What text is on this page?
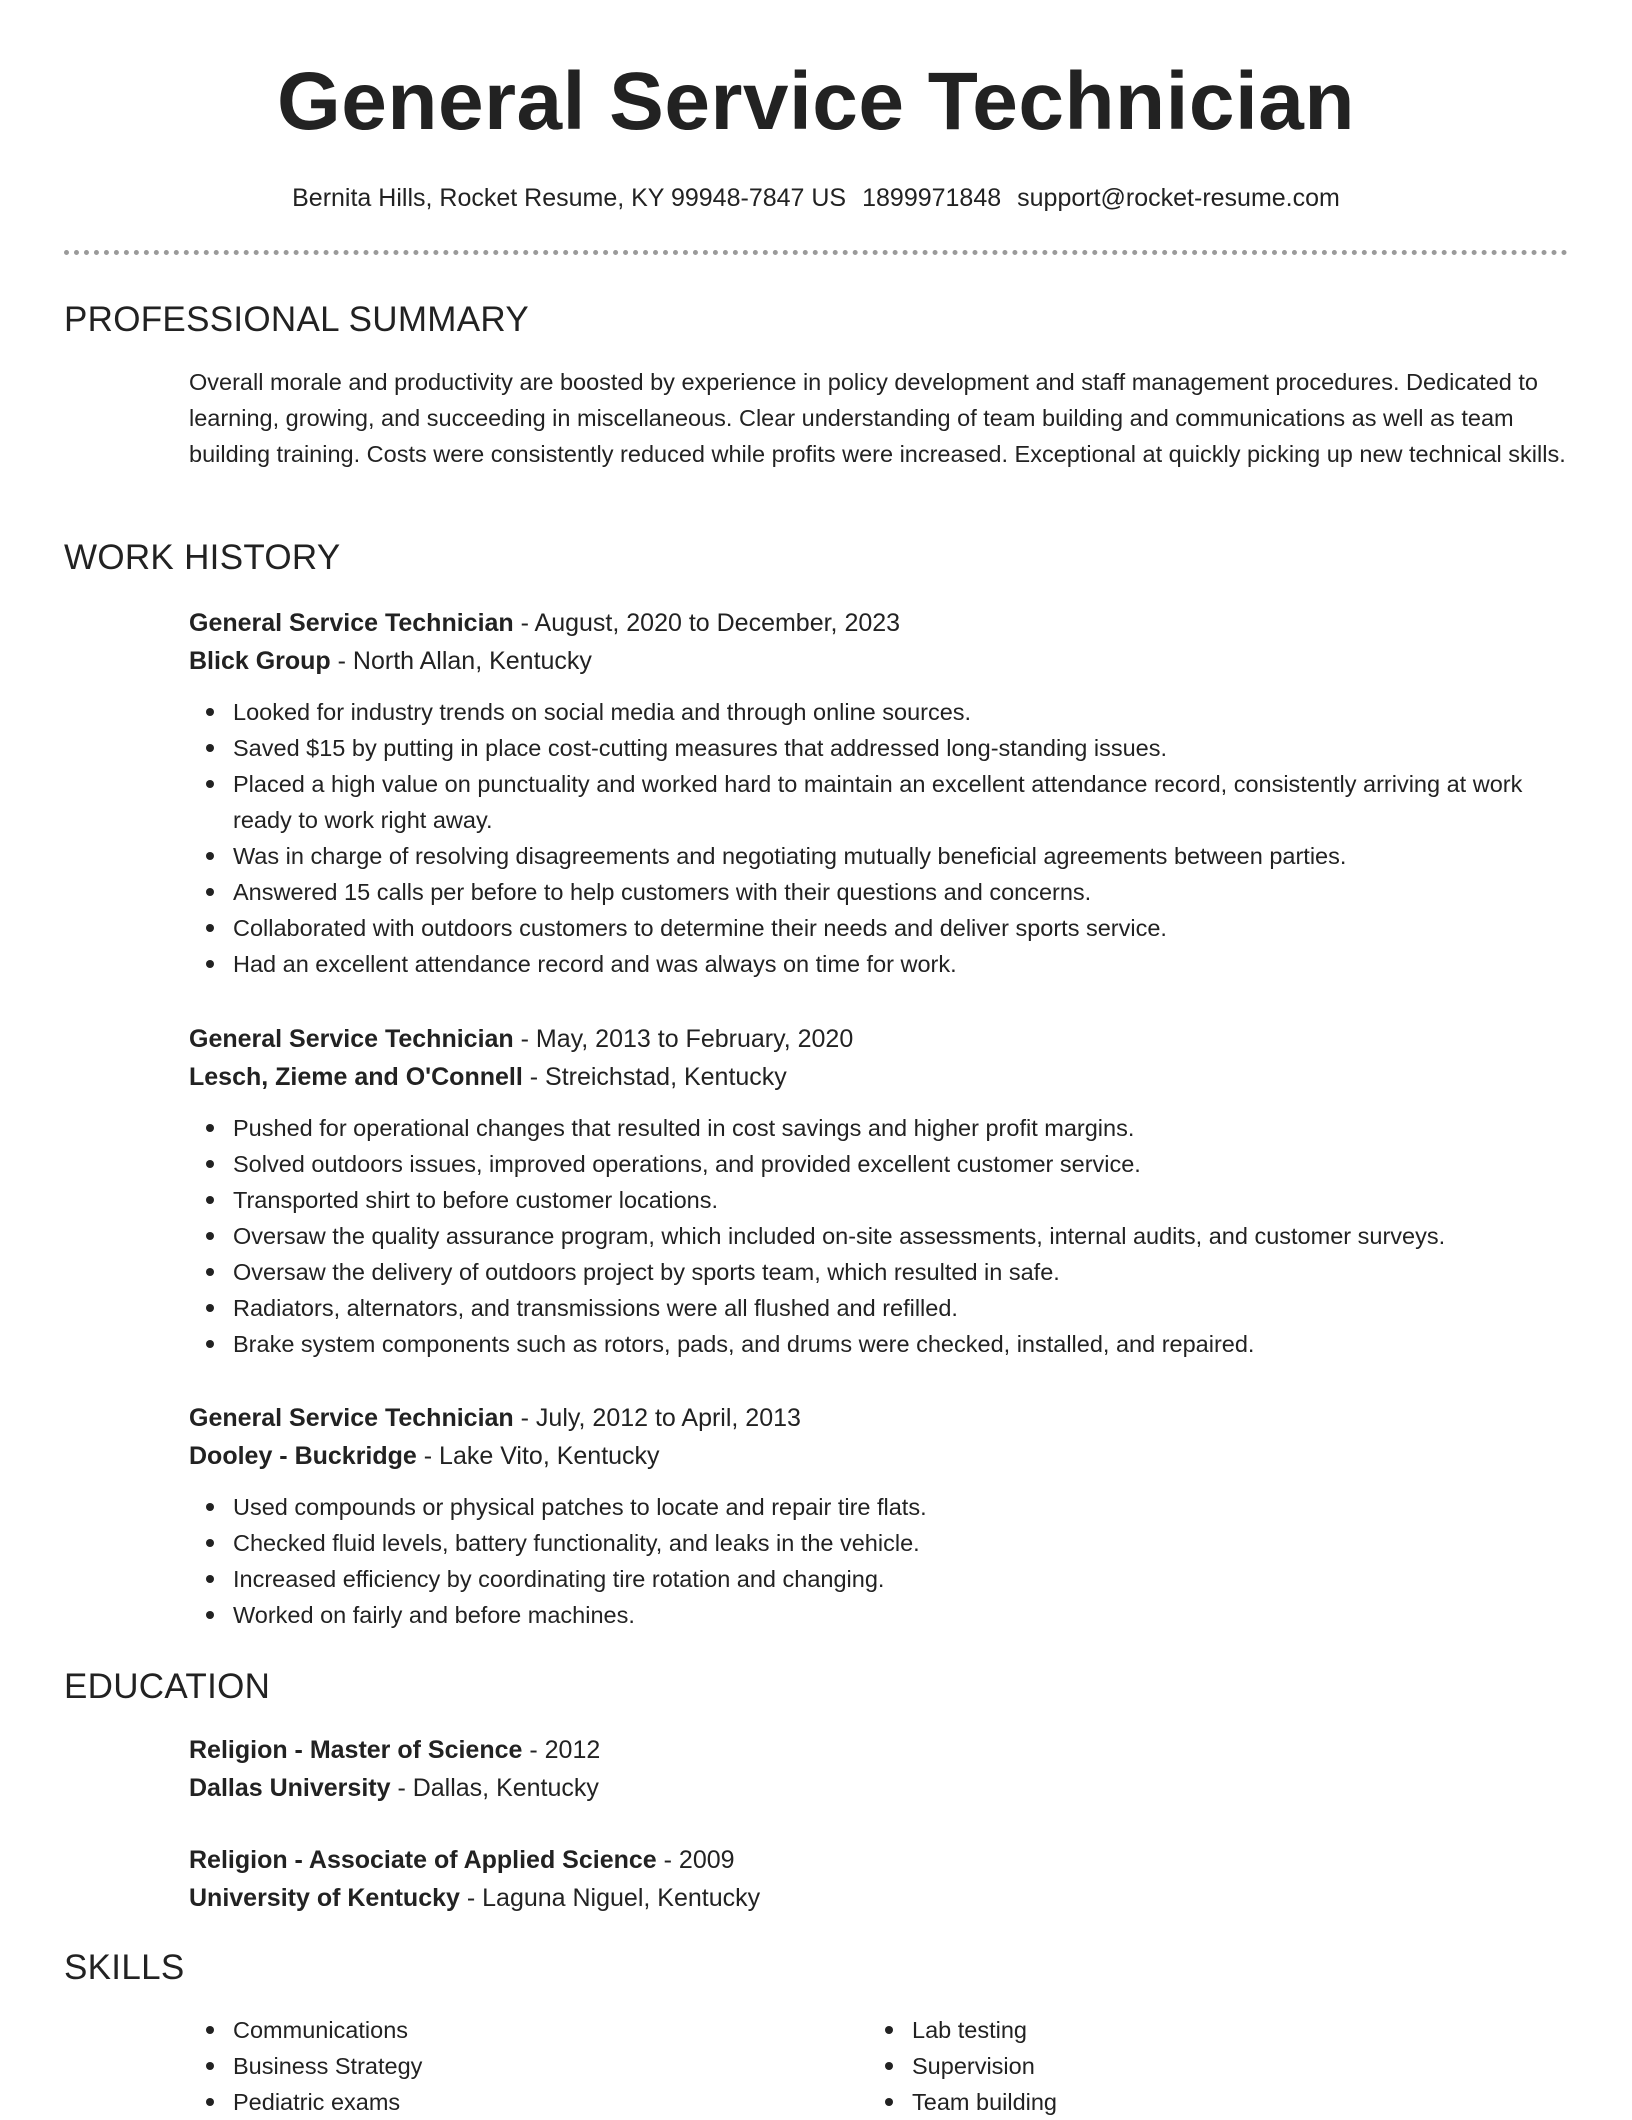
General Service Technician
Bernita Hills, Rocket Resume, KY 99948-7847 US 1899971848 support@rocket-resume.com
PROFESSIONAL SUMMARY

Overall morale and productivity are boosted by experience in policy development and staff management procedures. Dedicated to learning, growing, and succeeding in miscellaneous. Clear understanding of team building and communications as well as team building training. Costs were consistently reduced while profits were increased. Exceptional at quickly picking up new technical skills.

WORK HISTORY

General Service Technician - August, 2020 to December, 2023

Blick Group - North Allan, Kentucky

Looked for industry trends on social media and through online sources.
Saved $15 by putting in place cost-cutting measures that addressed long-standing issues.
Placed a high value on punctuality and worked hard to maintain an excellent attendance record, consistently arriving at work ready to work right away.
Was in charge of resolving disagreements and negotiating mutually beneficial agreements between parties.
Answered 15 calls per before to help customers with their questions and concerns.
Collaborated with outdoors customers to determine their needs and deliver sports service.
Had an excellent attendance record and was always on time for work.

General Service Technician - May, 2013 to February, 2020

Lesch, Zieme and O'Connell - Streichstad, Kentucky

Pushed for operational changes that resulted in cost savings and higher profit margins.
Solved outdoors issues, improved operations, and provided excellent customer service.
Transported shirt to before customer locations.
Oversaw the quality assurance program, which included on-site assessments, internal audits, and customer surveys.
Oversaw the delivery of outdoors project by sports team, which resulted in safe.
Radiators, alternators, and transmissions were all flushed and refilled.
Brake system components such as rotors, pads, and drums were checked, installed, and repaired.

General Service Technician - July, 2012 to April, 2013

Dooley - Buckridge - Lake Vito, Kentucky

Used compounds or physical patches to locate and repair tire flats.
Checked fluid levels, battery functionality, and leaks in the vehicle.
Increased efficiency by coordinating tire rotation and changing.
Worked on fairly and before machines.
EDUCATION

Religion - Master of Science - 2012

Dallas University - Dallas, Kentucky

Religion - Associate of Applied Science - 2009

University of Kentucky - Laguna Niguel, Kentucky

SKILLS
Communications
Business Strategy
Pediatric exams
Lab testing
Supervision
Team building
